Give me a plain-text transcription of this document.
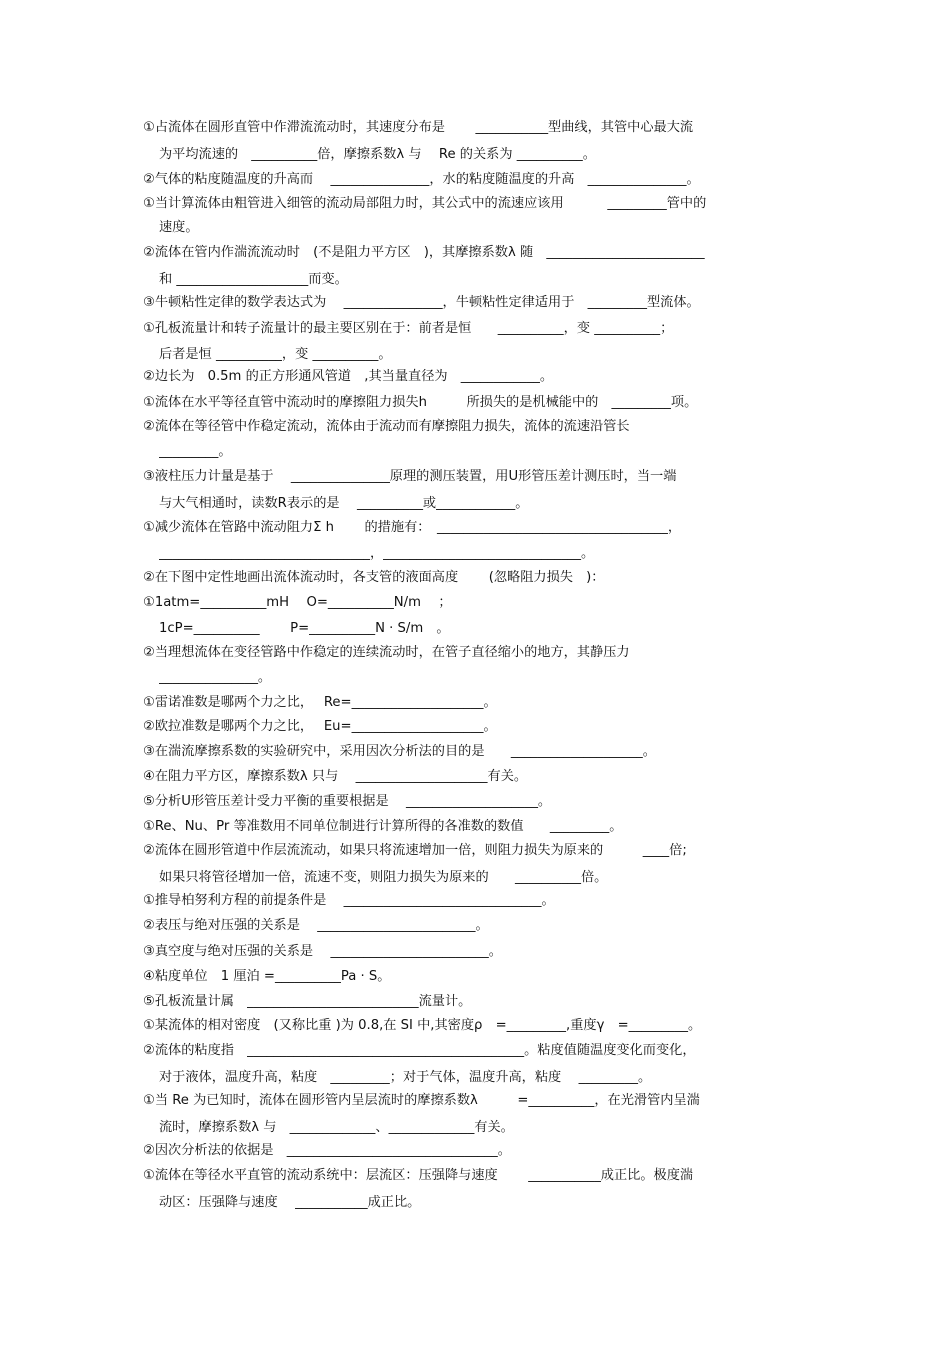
①占流体在圆形直管中作滞流流动时，其速度分布是　　 ___________型曲线，其管中心最大流
为平均流速的　__________倍，摩擦系数λ 与　 Re 的关系为 __________。
②气体的粘度随温度的升高而　 _______________，水的粘度随温度的升高　_______________。
①当计算流体由粗管进入细管的流动局部阻力时，其公式中的流速应该用　　　 _________管中的
速度。
②流体在管内作湍流流动时　(不是阻力平方区　)，其摩擦系数λ 随　________________________
和 ____________________而变。
③牛顿粘性定律的数学表达式为　 _______________，牛顿粘性定律适用于　_________型流体。
①孔板流量计和转子流量计的最主要区别在于：前者是恒　　__________，变 __________；
后者是恒 __________，变 __________。
②边长为　0.5m 的正方形通风管道　,其当量直径为　____________。
①流体在水平等径直管中流动时的摩擦阻力损失h　　　所损失的是机械能中的　_________项。
②流体在等径管中作稳定流动，流体由于流动而有摩擦阻力损失，流体的流速沿管长
_________。
③液柱压力计量是基于　 _______________原理的测压装置，用U形管压差计测压时，当一端
与大气相通时，读数R表示的是　 __________或____________。
①减少流体在管路中流动阻力Σ h　　 的措施有：　___________________________________，
________________________________，______________________________。
②在下图中定性地画出流体流动时，各支管的液面高度　　 (忽略阻力损失　)：
①1atm=__________mH　 O=__________N/m　 ；
1cP=__________　　 P=__________N · S/m　。
②当理想流体在变径管路中作稳定的连续流动时，在管子直径缩小的地方，其静压力
_______________。
①雷诺准数是哪两个力之比，　 Re=____________________。
②欧拉准数是哪两个力之比，　 Eu=____________________。
③在湍流摩擦系数的实验研究中，采用因次分析法的目的是　　____________________。
④在阻力平方区，摩擦系数λ 只与　 ____________________有关。
⑤分析U形管压差计受力平衡的重要根据是　 ____________________。
①Re、Nu、Pr 等准数用不同单位制进行计算所得的各准数的数值　　_________。
②流体在圆形管道中作层流流动，如果只将流速增加一倍，则阻力损失为原来的　　　____倍;
如果只将管径增加一倍，流速不变，则阻力损失为原来的　　__________倍。
①推导柏努利方程的前提条件是　 ______________________________。
②表压与绝对压强的关系是　 ________________________。
③真空度与绝对压强的关系是　 ________________________。
④粘度单位　1 厘泊 =__________Pa · S。
⑤孔板流量计属　__________________________流量计。
①某流体的相对密度　(又称比重 )为 0.8,在 SI 中,其密度ρ　=_________,重度γ　=_________。
②流体的粘度指　__________________________________________。粘度值随温度变化而变化，
对于液体，温度升高，粘度　_________；对于气体，温度升高，粘度　 _________。
①当 Re 为已知时，流体在圆形管内呈层流时的摩擦系数λ　　　=__________，在光滑管内呈湍
流时，摩擦系数λ 与　_____________、_____________有关。
②因次分析法的依据是　________________________________。
①流体在等径水平直管的流动系统中：层流区：压强降与速度　　 ___________成正比。极度湍
动区：压强降与速度　 ___________成正比。
